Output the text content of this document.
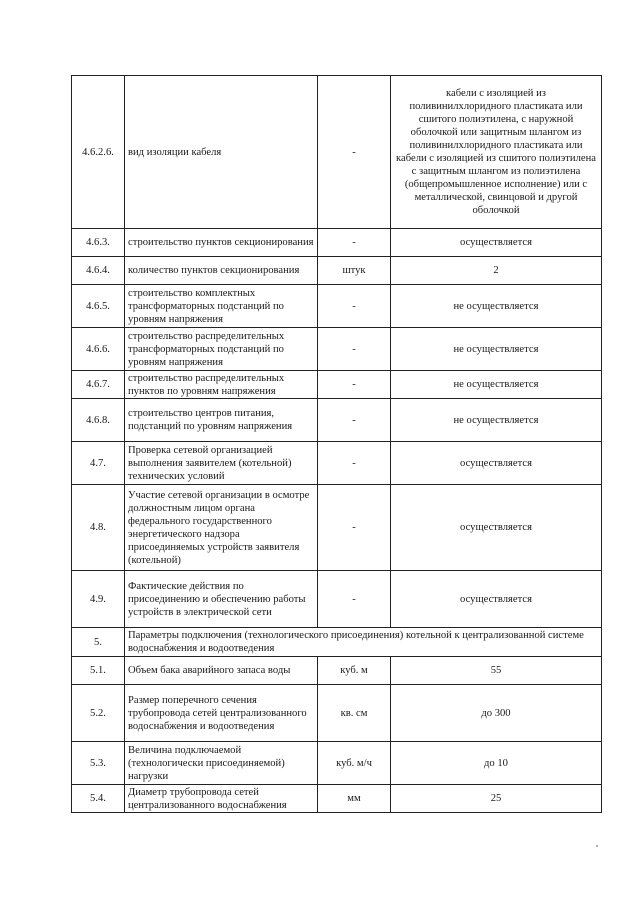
4.6.2.6.	вид изоляции кабеля	-	кабели с изоляцией из поливинилхлоридного пластиката или сшитого полиэтилена, с наружной оболочкой или защитным шлангом из поливинилхлоридного пластиката или кабели с изоляцией из сшитого полиэтилена с защитным шлангом из полиэтилена (общепромышленное исполнение) или с металлической, свинцовой и другой оболочкой
4.6.3.	строительство пунктов секционирования	-	осуществляется
4.6.4.	количество пунктов секционирования	штук	2
4.6.5.	строительство комплектных трансформаторных подстанций по уровням напряжения	-	не осуществляется
4.6.6.	строительство распределительных трансформаторных подстанций по уровням напряжения	-	не осуществляется
4.6.7.	строительство распределительных пунктов по уровням напряжения	-	не осуществляется
4.6.8.	строительство центров питания, подстанций по уровням напряжения	-	не осуществляется
4.7.	Проверка сетевой организацией выполнения заявителем (котельной) технических условий	-	осуществляется
4.8.	Участие сетевой организации в осмотре должностным лицом органа федерального государственного энергетического надзора присоединяемых устройств заявителя (котельной)	-	осуществляется
4.9.	Фактические действия по присоединению и обеспечению работы устройств в электрической сети	-	осуществляется
5.	Параметры подключения (технологического присоединения) котельной к централизованной системе водоснабжения и водоотведения		
5.1.	Объем бака аварийного запаса воды	куб. м	55
5.2.	Размер поперечного сечения трубопровода сетей централизованного водоснабжения и водоотведения	кв. см	до 300
5.3.	Величина подключаемой (технологически присоединяемой) нагрузки	куб. м/ч	до 10
5.4.	Диаметр трубопровода сетей централизованного водоснабжения	мм	25
